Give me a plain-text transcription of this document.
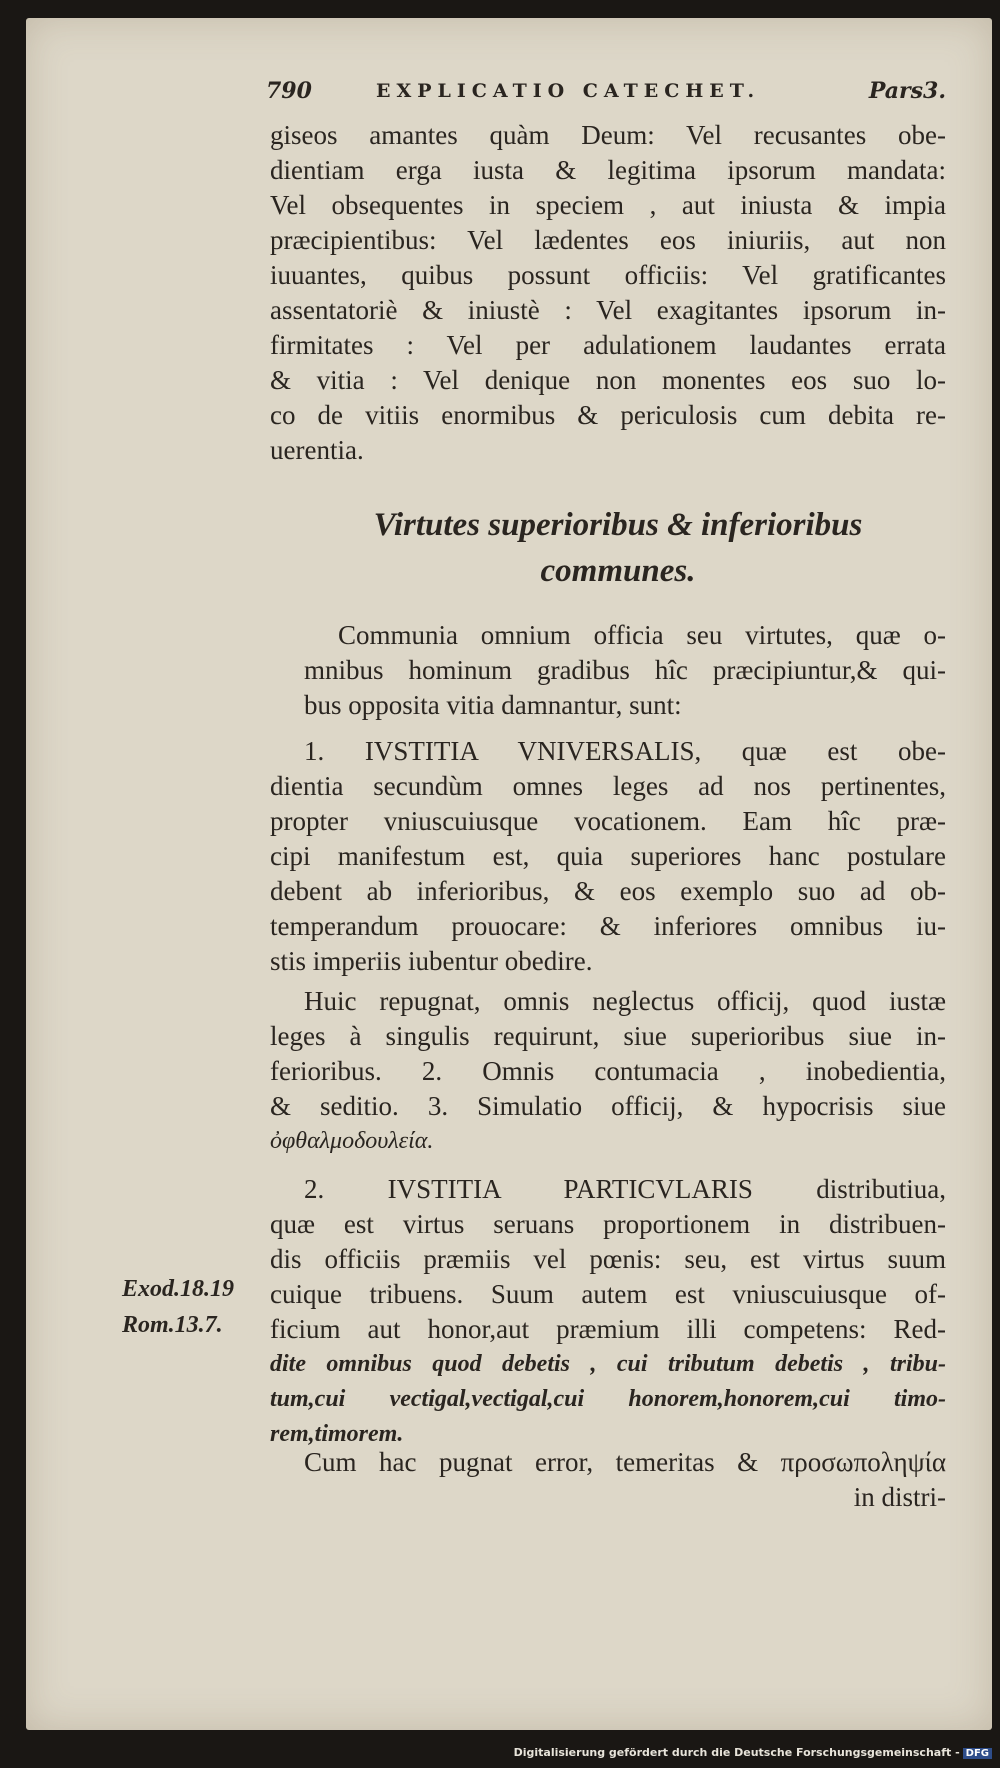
790	EXPLICATIO CATECHET.	Pars3.
giseos amantes quàm Deum: Vel recusantes obe-
dientiam erga iusta & legitima ipsorum mandata:
Vel obsequentes in speciem , aut iniusta & impia
præcipientibus: Vel lædentes eos iniuriis, aut non
iuuantes, quibus possunt officiis: Vel gratificantes
assentatoriè & iniustè : Vel exagitantes ipsorum in-
firmitates : Vel per adulationem laudantes errata
& vitia : Vel denique non monentes eos suo lo-
co de vitiis enormibus & periculosis cum debita re-
uerentia.
Virtutes superioribus & inferioribus
communes.
Communia omnium officia seu virtutes, quæ o-
mnibus hominum gradibus hîc præcipiuntur,& qui-
bus opposita vitia damnantur, sunt:
1. IVSTITIA VNIVERSALIS, quæ est obe-
dientia secundùm omnes leges ad nos pertinentes,
propter vniuscuiusque vocationem. Eam hîc præ-
cipi manifestum est, quia superiores hanc postulare
debent ab inferioribus, & eos exemplo suo ad ob-
temperandum prouocare: & inferiores omnibus iu-
stis imperiis iubentur obedire.
Huic repugnat, omnis neglectus officij, quod iustæ
leges à singulis requirunt, siue superioribus siue in-
ferioribus. 2. Omnis contumacia , inobedientia,
& seditio. 3. Simulatio officij, & hypocrisis siue
ὀφθαλμοδουλεία.
2. IVSTITIA PARTICVLARIS distributiua,
quæ est virtus seruans proportionem in distribuen-
dis officiis præmiis vel pœnis: seu, est virtus suum
cuique tribuens. Suum autem est vniuscuiusque of-
ficium aut honor,aut præmium illi competens: Red-
dite omnibus quod debetis , cui tributum debetis , tribu-
tum,cui vectigal,vectigal,cui honorem,honorem,cui timo-
rem,timorem.
Exod.18.19
Rom.13.7.
Cum hac pugnat error, temeritas & προσωποληψία
in distri-
Digitalisierung gefördert durch die Deutsche Forschungsgemeinschaft - DFG
